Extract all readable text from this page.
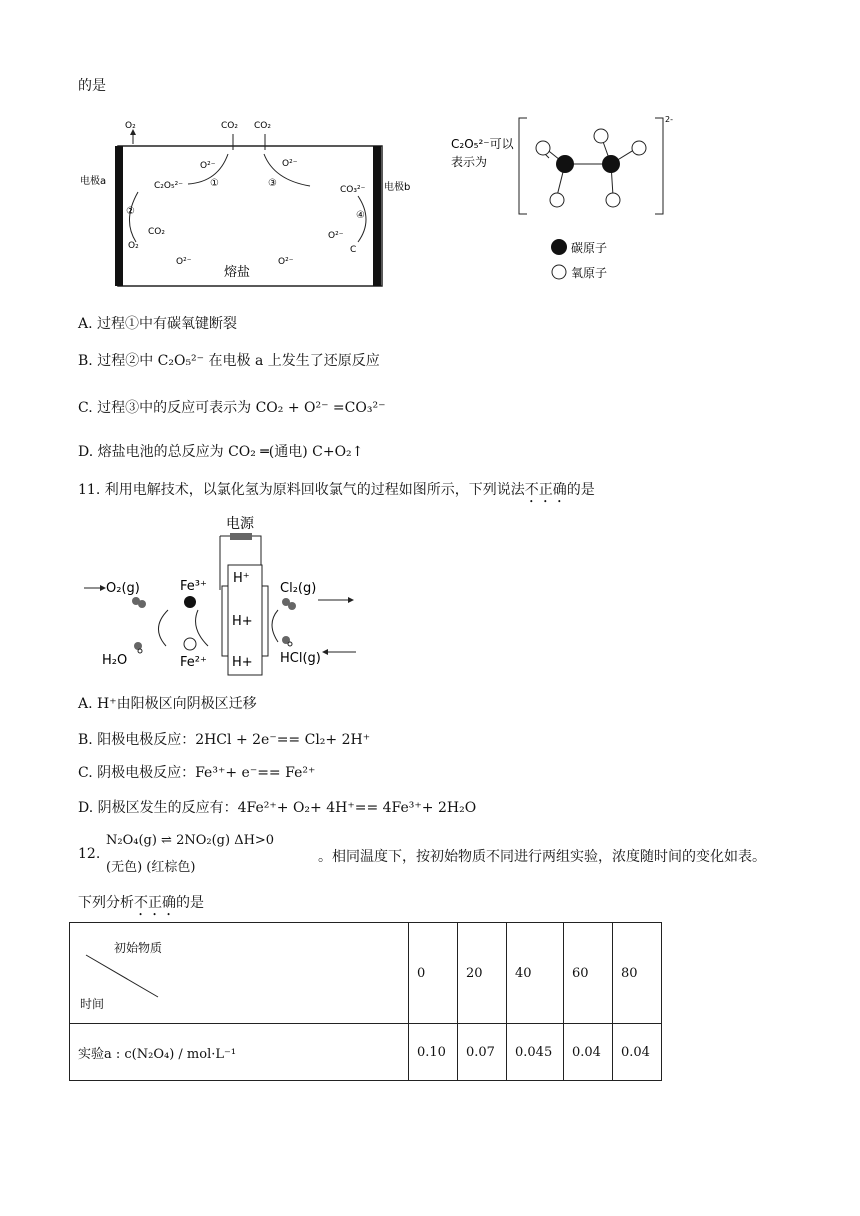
的是
O₂	CO₂ CO₂
电极a
电极b
O²⁻
C₂O₅²⁻	①
O²⁻
③
CO₃²⁻
②
CO₂
O₂
④
O²⁻
C
O²⁻
熔盐
O²⁻
C₂O₅²⁻可以
表示为
2-
碳原子
氧原子
A. 过程①中有碳氧键断裂
B. 过程②中 C₂O₅²⁻ 在电极 a 上发生了还原反应
C. 过程③中的反应可表示为 CO₂ + O²⁻ =CO₃²⁻
D. 熔盐电池的总反应为 CO₂ ═(通电) C+O₂↑
11. 利用电解技术，以氯化氢为原料回收氯气的过程如图所示，下列说法不正确的是
电源
H⁺
H+
H+
O₂(g)	Fe³⁺
H₂O	Fe²⁺
Cl₂(g)
HCl(g)
A. H⁺由阳极区向阴极区迁移
B. 阳极电极反应：2HCl + 2e⁻== Cl₂+ 2H⁺
C. 阴极电极反应：Fe³⁺+ e⁻== Fe²⁺
D. 阴极区发生的反应有：4Fe²⁺+ O₂+ 4H⁺== 4Fe³⁺+ 2H₂O
12.
N₂O₄(g) ⇌ 2NO₂(g) ΔH>0
(无色) (红棕色)
。相同温度下，按初始物质不同进行两组实验，浓度随时间的变化如表。
下列分析不正确的是
初始物质
时间	0	20	40	60	80
实验a : c(N₂O₄) / mol·L⁻¹	0.10	0.07	0.045	0.04	0.04
